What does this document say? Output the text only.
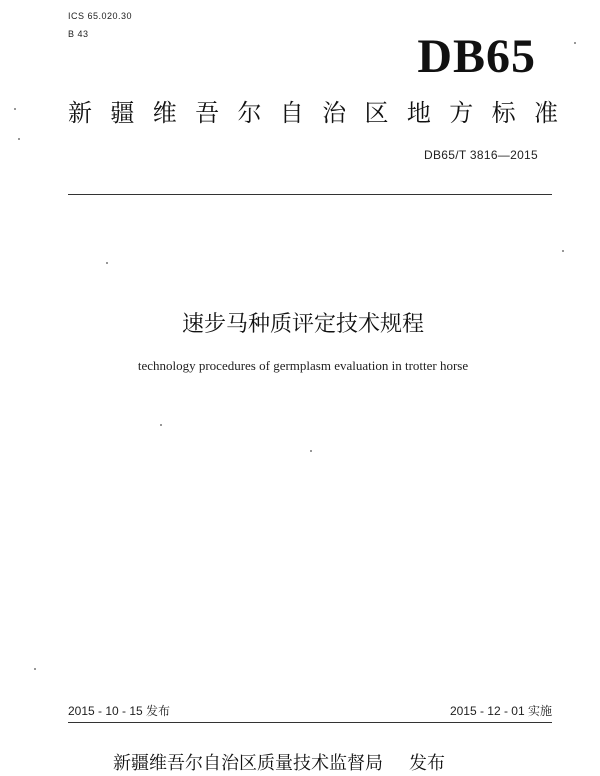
ICS 65.020.30
B 43	DB65
新 疆 维 吾 尔 自 治 区 地 方 标 准
DB65/T 3816—2015
速步马种质评定技术规程
technology procedures of germplasm evaluation in trotter horse
2015 - 10 - 15 发布	2015 - 12 - 01 实施
新疆维吾尔自治区质量技术监督局 发布
